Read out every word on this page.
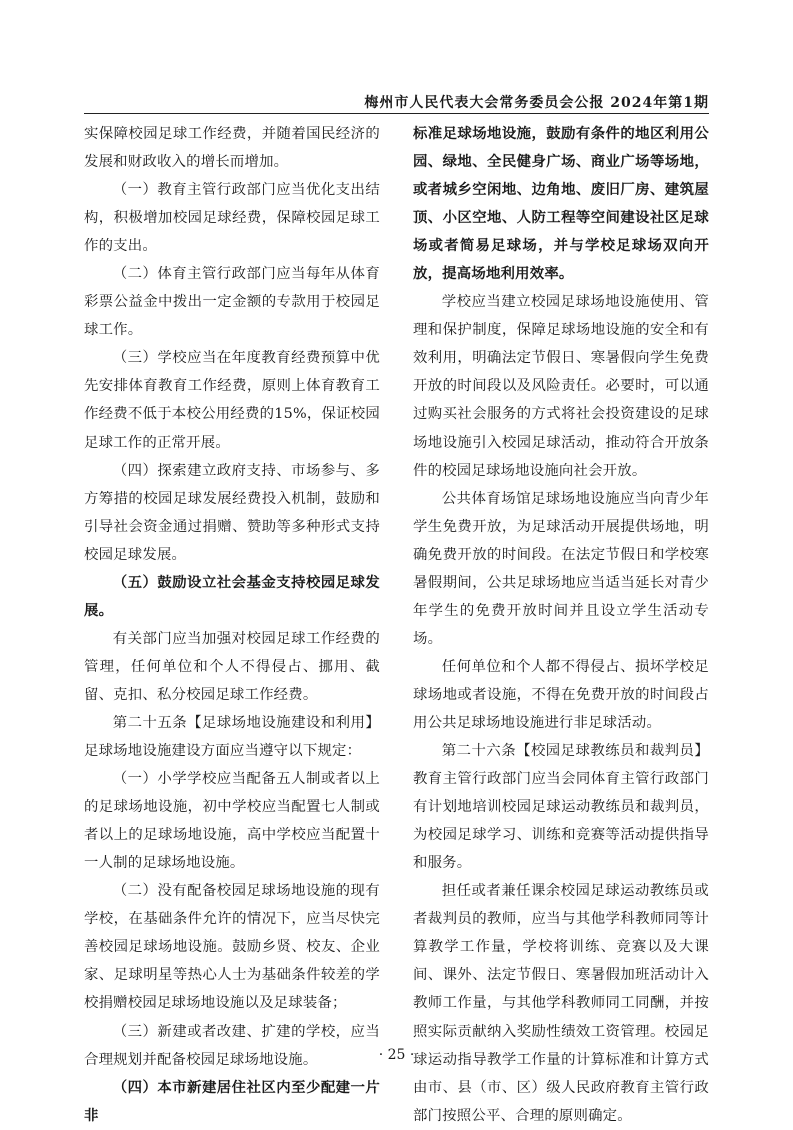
梅州市人民代表大会常务委员会公报 2024年第1期

实保障校园足球工作经费，并随着国民经济的发展和财政收入的增长而增加。

（一）教育主管行政部门应当优化支出结构，积极增加校园足球经费，保障校园足球工作的支出。

（二）体育主管行政部门应当每年从体育彩票公益金中拨出一定金额的专款用于校园足球工作。

（三）学校应当在年度教育经费预算中优先安排体育教育工作经费，原则上体育教育工作经费不低于本校公用经费的15%，保证校园足球工作的正常开展。

（四）探索建立政府支持、市场参与、多方筹措的校园足球发展经费投入机制，鼓励和引导社会资金通过捐赠、赞助等多种形式支持校园足球发展。

（五）鼓励设立社会基金支持校园足球发展。

有关部门应当加强对校园足球工作经费的管理，任何单位和个人不得侵占、挪用、截留、克扣、私分校园足球工作经费。

第二十五条【足球场地设施建设和利用】足球场地设施建设方面应当遵守以下规定：

（一）小学学校应当配备五人制或者以上的足球场地设施，初中学校应当配置七人制或者以上的足球场地设施，高中学校应当配置十一人制的足球场地设施。

（二）没有配备校园足球场地设施的现有学校，在基础条件允许的情况下，应当尽快完善校园足球场地设施。鼓励乡贤、校友、企业家、足球明星等热心人士为基础条件较差的学校捐赠校园足球场地设施以及足球装备；

（三）新建或者改建、扩建的学校，应当合理规划并配备校园足球场地设施。

（四）本市新建居住社区内至少配建一片非

标准足球场地设施，鼓励有条件的地区利用公园、绿地、全民健身广场、商业广场等场地，或者城乡空闲地、边角地、废旧厂房、建筑屋顶、小区空地、人防工程等空间建设社区足球场或者简易足球场，并与学校足球场双向开放，提高场地利用效率。

学校应当建立校园足球场地设施使用、管理和保护制度，保障足球场地设施的安全和有效利用，明确法定节假日、寒暑假向学生免费开放的时间段以及风险责任。必要时，可以通过购买社会服务的方式将社会投资建设的足球场地设施引入校园足球活动，推动符合开放条件的校园足球场地设施向社会开放。

公共体育场馆足球场地设施应当向青少年学生免费开放，为足球活动开展提供场地，明确免费开放的时间段。在法定节假日和学校寒暑假期间，公共足球场地应当适当延长对青少年学生的免费开放时间并且设立学生活动专场。

任何单位和个人都不得侵占、损坏学校足球场地或者设施，不得在免费开放的时间段占用公共足球场地设施进行非足球活动。

第二十六条【校园足球教练员和裁判员】教育主管行政部门应当会同体育主管行政部门有计划地培训校园足球运动教练员和裁判员，为校园足球学习、训练和竞赛等活动提供指导和服务。

担任或者兼任课余校园足球运动教练员或者裁判员的教师，应当与其他学科教师同等计算教学工作量，学校将训练、竞赛以及大课间、课外、法定节假日、寒暑假加班活动计入教师工作量，与其他学科教师同工同酬，并按照实际贡献纳入奖励性绩效工资管理。校园足球运动指导教学工作量的计算标准和计算方式由市、县（市、区）级人民政府教育主管行政部门按照公平、合理的原则确定。

· 25 ·
